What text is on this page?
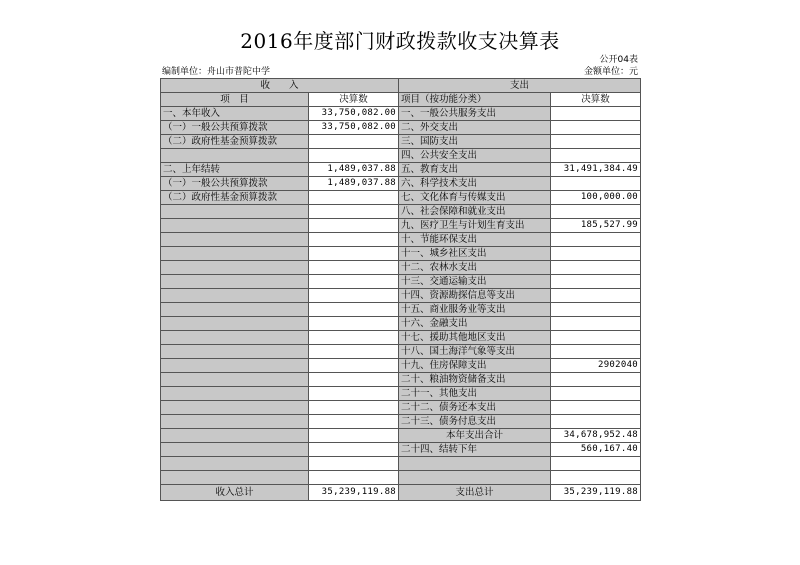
2016年度部门财政拨款收支决算表
公开04表
编制单位：舟山市普陀中学	金额单位：元
收　　入		支出	
项　目	决算数	项目（按功能分类）	决算数
一、本年收入	33,750,082.00	一、一般公共服务支出	
（一）一般公共预算拨款	33,750,082.00	二、外交支出	
（二）政府性基金预算拨款		三、国防支出	
		四、公共安全支出	
二、上年结转	1,489,037.88	五、教育支出	31,491,384.49
（一）一般公共预算拨款	1,489,037.88	六、科学技术支出	
（二）政府性基金预算拨款		七、文化体育与传媒支出	100,000.00
		八、社会保障和就业支出	
		九、医疗卫生与计划生育支出	185,527.99
		十、节能环保支出	
		十一、城乡社区支出	
		十二、农林水支出	
		十三、交通运输支出	
		十四、资源勘探信息等支出	
		十五、商业服务业等支出	
		十六、金融支出	
		十七、援助其他地区支出	
		十八、国土海洋气象等支出	
		十九、住房保障支出	2902040
		二十、粮油物资储备支出	
		二十一、其他支出	
		二十二、债务还本支出	
		二十三、债务付息支出	
		本年支出合计	34,678,952.48
		二十四、结转下年	560,167.40

收入总计	35,239,119.88	支出总计	35,239,119.88
